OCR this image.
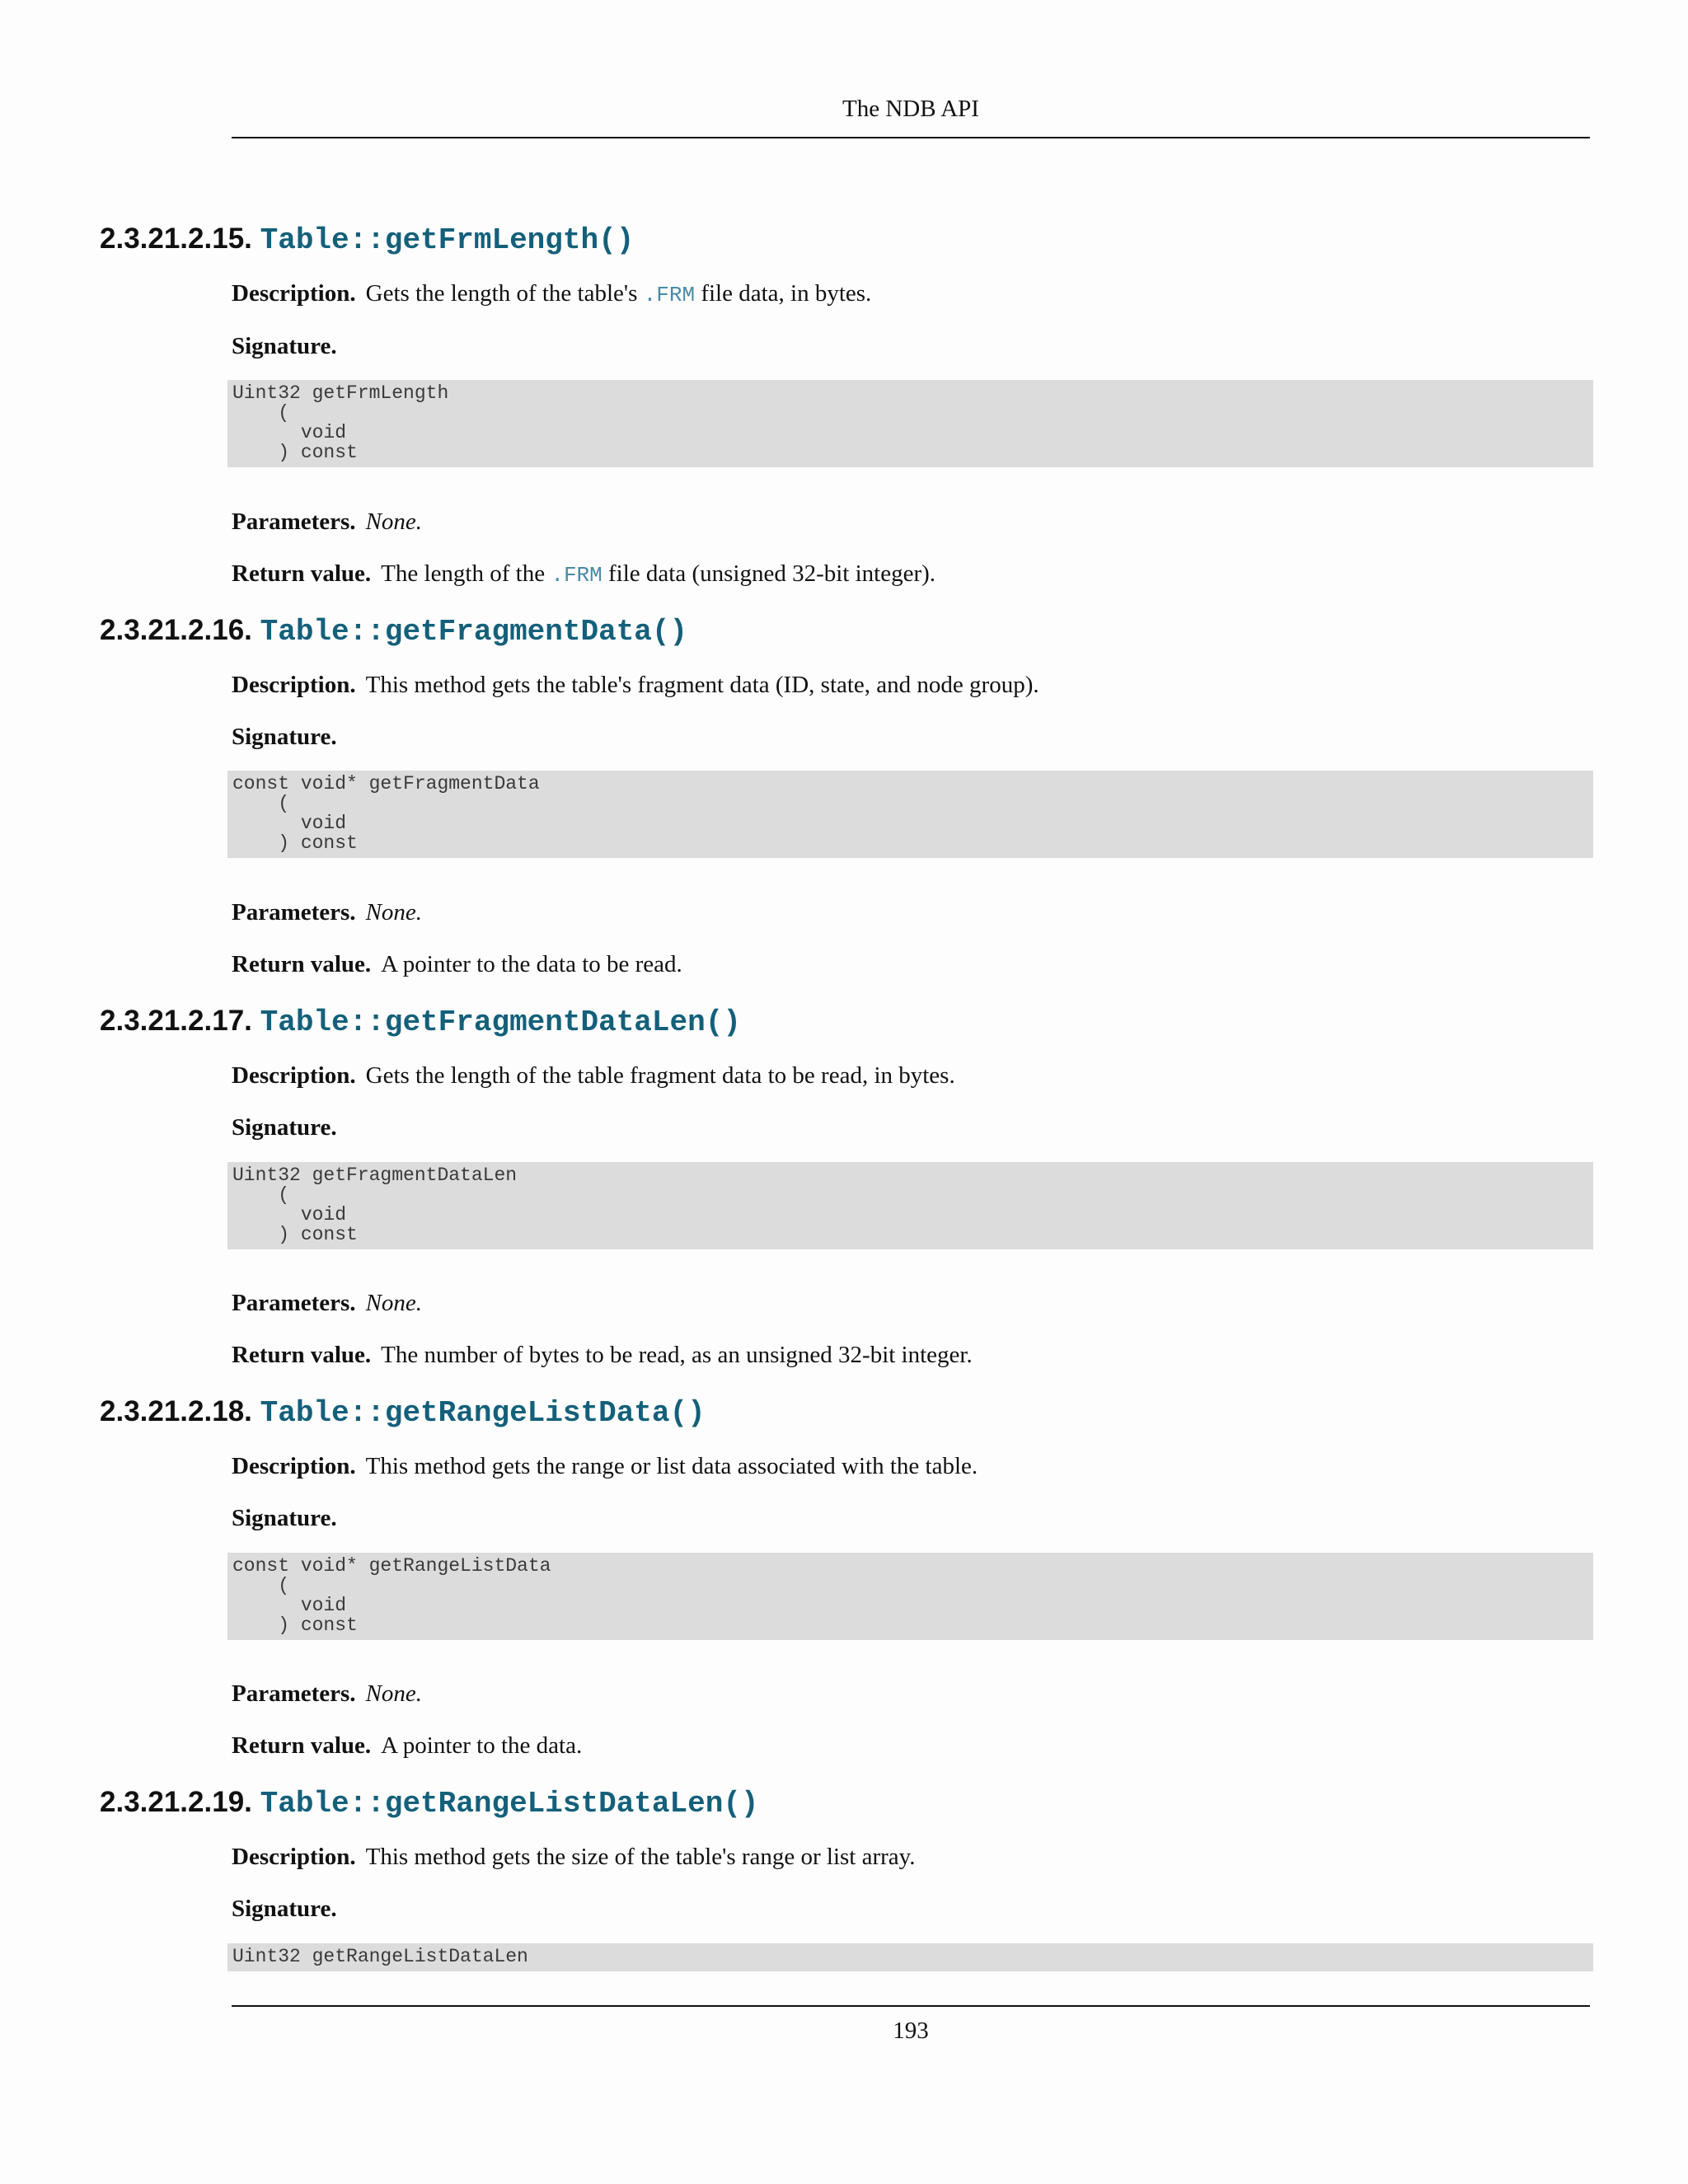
The NDB API
2.3.21.2.15. Table::getFrmLength()

Description. Gets the length of the table's .FRM file data, in bytes.

Signature.

Uint32 getFrmLength
(
void
) const

Parameters. None.

Return value. The length of the .FRM file data (unsigned 32-bit integer).

2.3.21.2.16. Table::getFragmentData()

Description. This method gets the table's fragment data (ID, state, and node group).

Signature.

const void* getFragmentData
(
void
) const

Parameters. None.

Return value. A pointer to the data to be read.

2.3.21.2.17. Table::getFragmentDataLen()

Description. Gets the length of the table fragment data to be read, in bytes.

Signature.

Uint32 getFragmentDataLen
(
void
) const

Parameters. None.

Return value. The number of bytes to be read, as an unsigned 32-bit integer.

2.3.21.2.18. Table::getRangeListData()

Description. This method gets the range or list data associated with the table.

Signature.

const void* getRangeListData
(
void
) const

Parameters. None.

Return value. A pointer to the data.

2.3.21.2.19. Table::getRangeListDataLen()

Description. This method gets the size of the table's range or list array.

Signature.

Uint32 getRangeListDataLen
193
